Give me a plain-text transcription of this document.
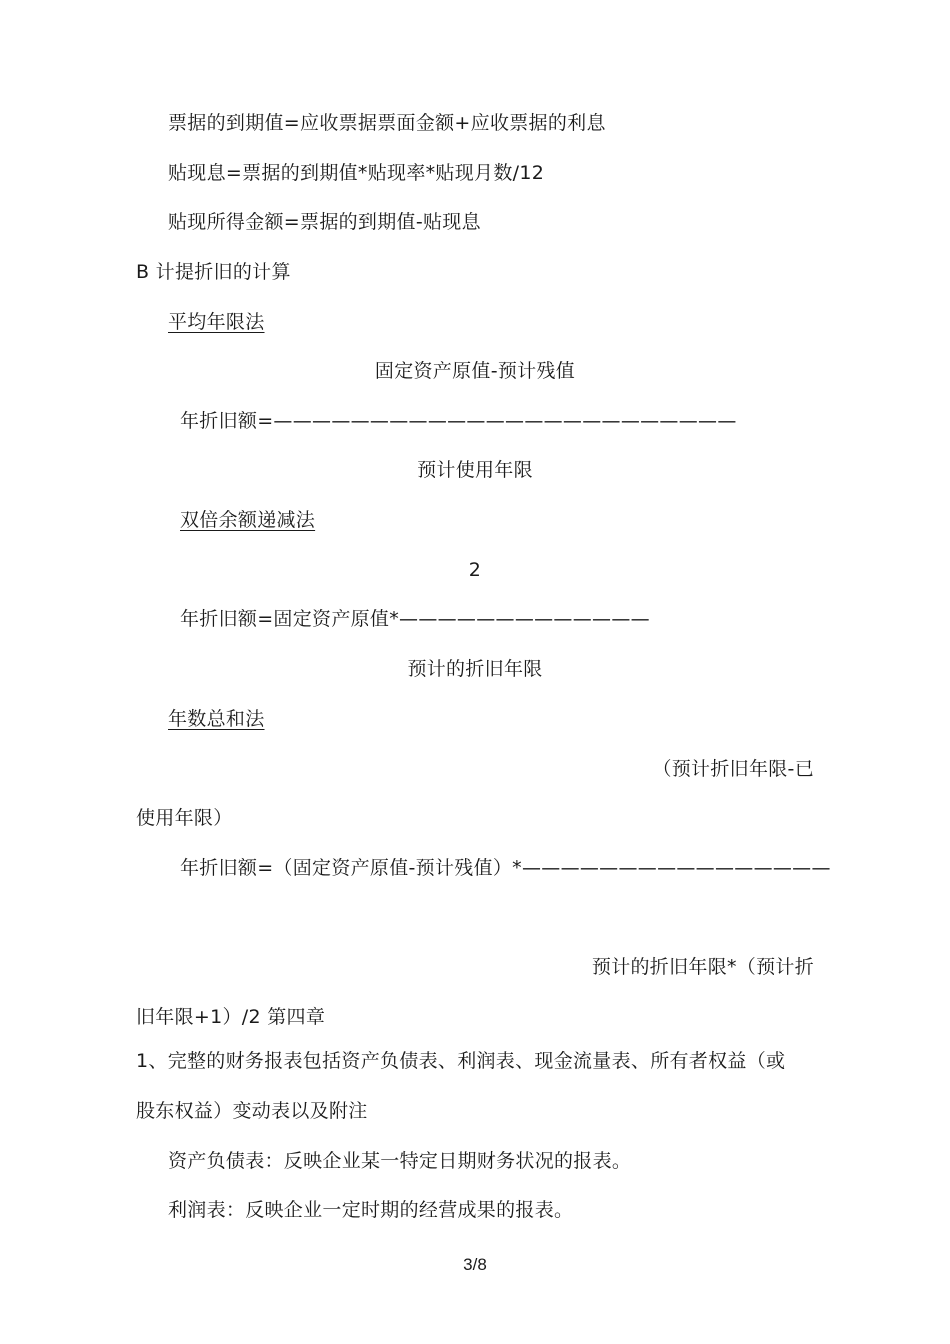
票据的到期值=应收票据票面金额+应收票据的利息
贴现息=票据的到期值*贴现率*贴现月数/12
贴现所得金额=票据的到期值-贴现息
B 计提折旧的计算
平均年限法
固定资产原值-预计残值
年折旧额=————————————————————————
预计使用年限
双倍余额递减法
2
年折旧额=固定资产原值*—————————————
预计的折旧年限
年数总和法
（预计折旧年限-已
使用年限）
年折旧额=（固定资产原值-预计残值）*————————————————
预计的折旧年限*（预计折
旧年限+1）/2 第四章
1、完整的财务报表包括资产负债表、利润表、现金流量表、所有者权益（或
股东权益）变动表以及附注
资产负债表：反映企业某一特定日期财务状况的报表。
利润表：反映企业一定时期的经营成果的报表。
3/8
